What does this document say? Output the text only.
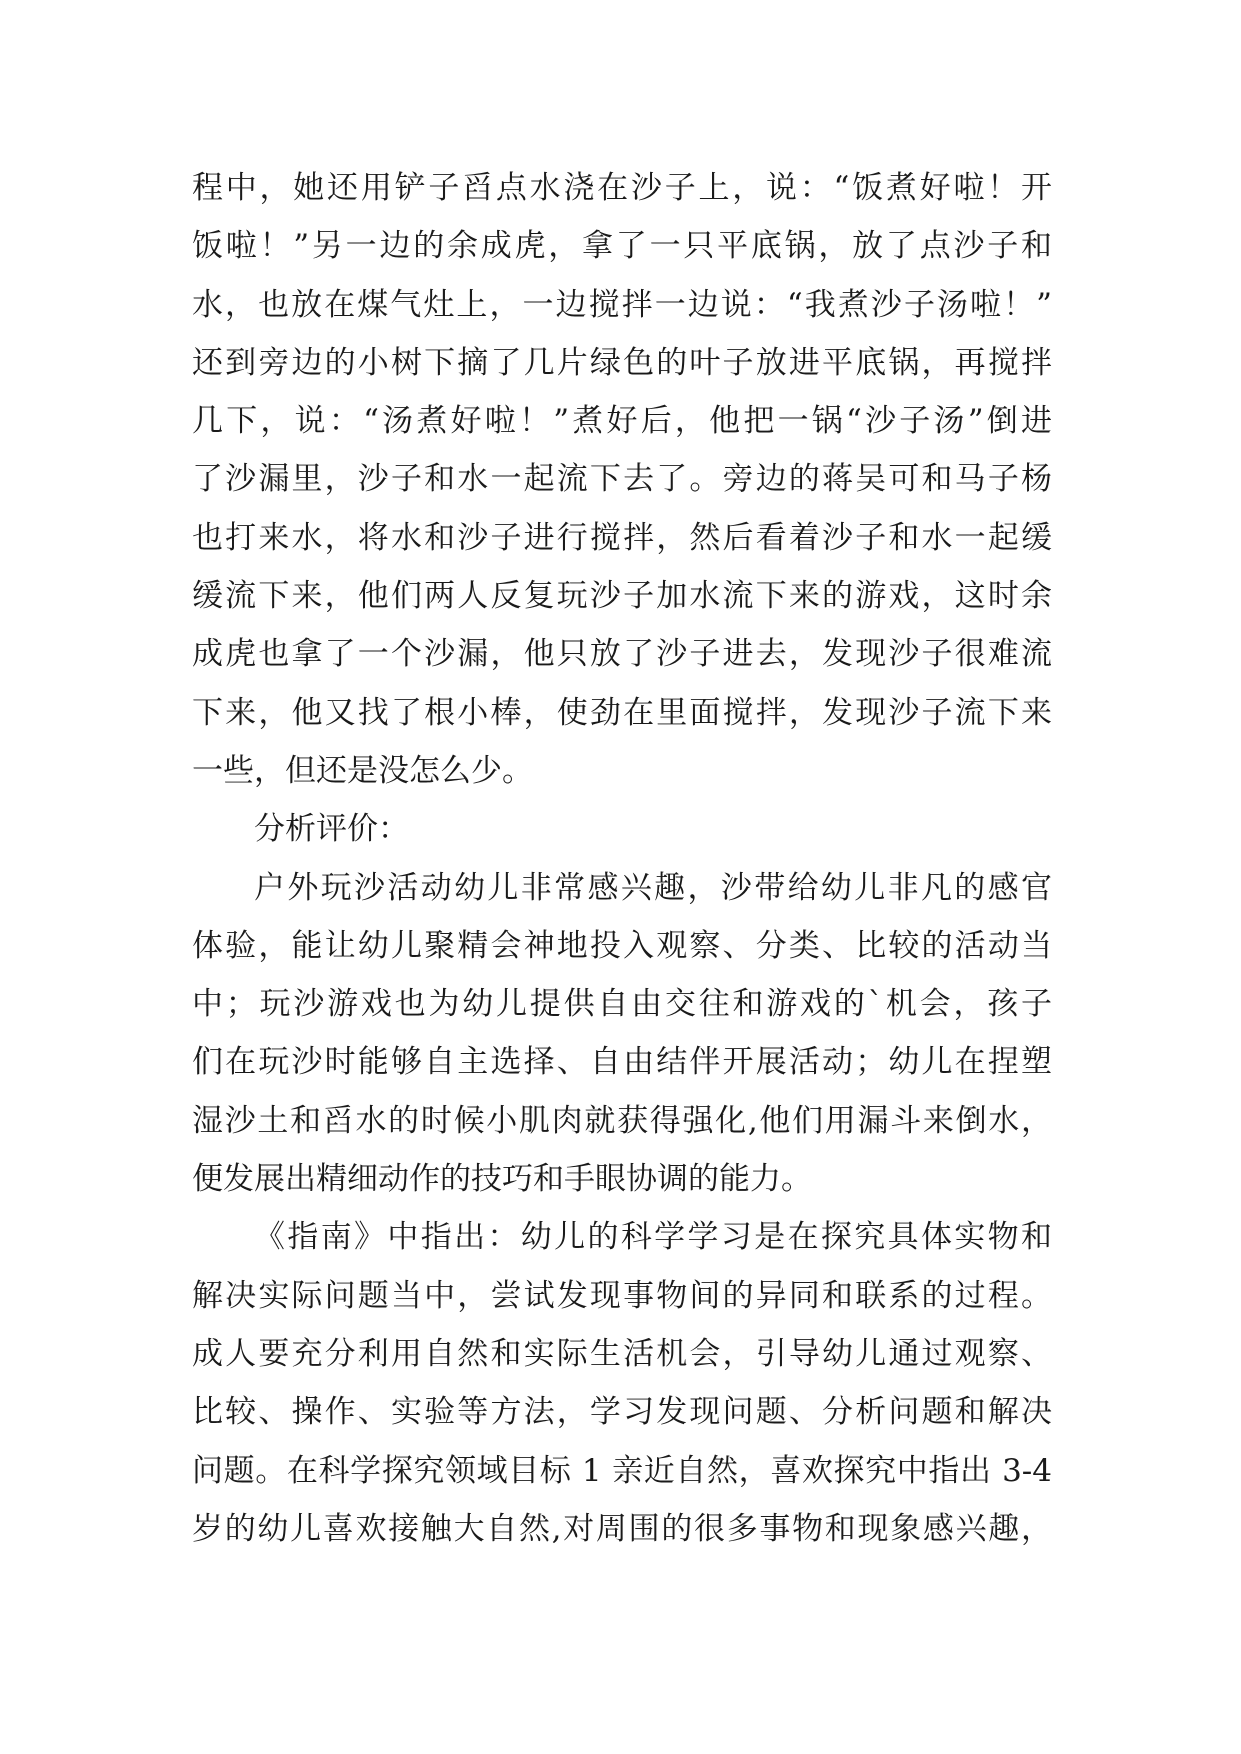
程中，她还用铲子舀点水浇在沙子上，说：“饭煮好啦！开
饭啦！”另一边的余成虎，拿了一只平底锅，放了点沙子和
水，也放在煤气灶上，一边搅拌一边说：“我煮沙子汤啦！”
还到旁边的小树下摘了几片绿色的叶子放进平底锅，再搅拌
几下，说：“汤煮好啦！”煮好后，他把一锅“沙子汤”倒进
了沙漏里，沙子和水一起流下去了。旁边的蒋吴可和马子杨
也打来水，将水和沙子进行搅拌，然后看着沙子和水一起缓
缓流下来，他们两人反复玩沙子加水流下来的游戏，这时余
成虎也拿了一个沙漏，他只放了沙子进去，发现沙子很难流
下来，他又找了根小棒，使劲在里面搅拌，发现沙子流下来
一些，但还是没怎么少。
分析评价：
户外玩沙活动幼儿非常感兴趣，沙带给幼儿非凡的感官
体验，能让幼儿聚精会神地投入观察、分类、比较的活动当
中；玩沙游戏也为幼儿提供自由交往和游戏的`机会，孩子
们在玩沙时能够自主选择、自由结伴开展活动；幼儿在捏塑
湿沙土和舀水的时候小肌肉就获得强化,他们用漏斗来倒水，
便发展出精细动作的技巧和手眼协调的能力。
《指南》中指出：幼儿的科学学习是在探究具体实物和
解决实际问题当中，尝试发现事物间的异同和联系的过程。
成人要充分利用自然和实际生活机会，引导幼儿通过观察、
比较、操作、实验等方法，学习发现问题、分析问题和解决
问题。在科学探究领域目标 1 亲近自然，喜欢探究中指出 3-4
岁的幼儿喜欢接触大自然,对周围的很多事物和现象感兴趣，
